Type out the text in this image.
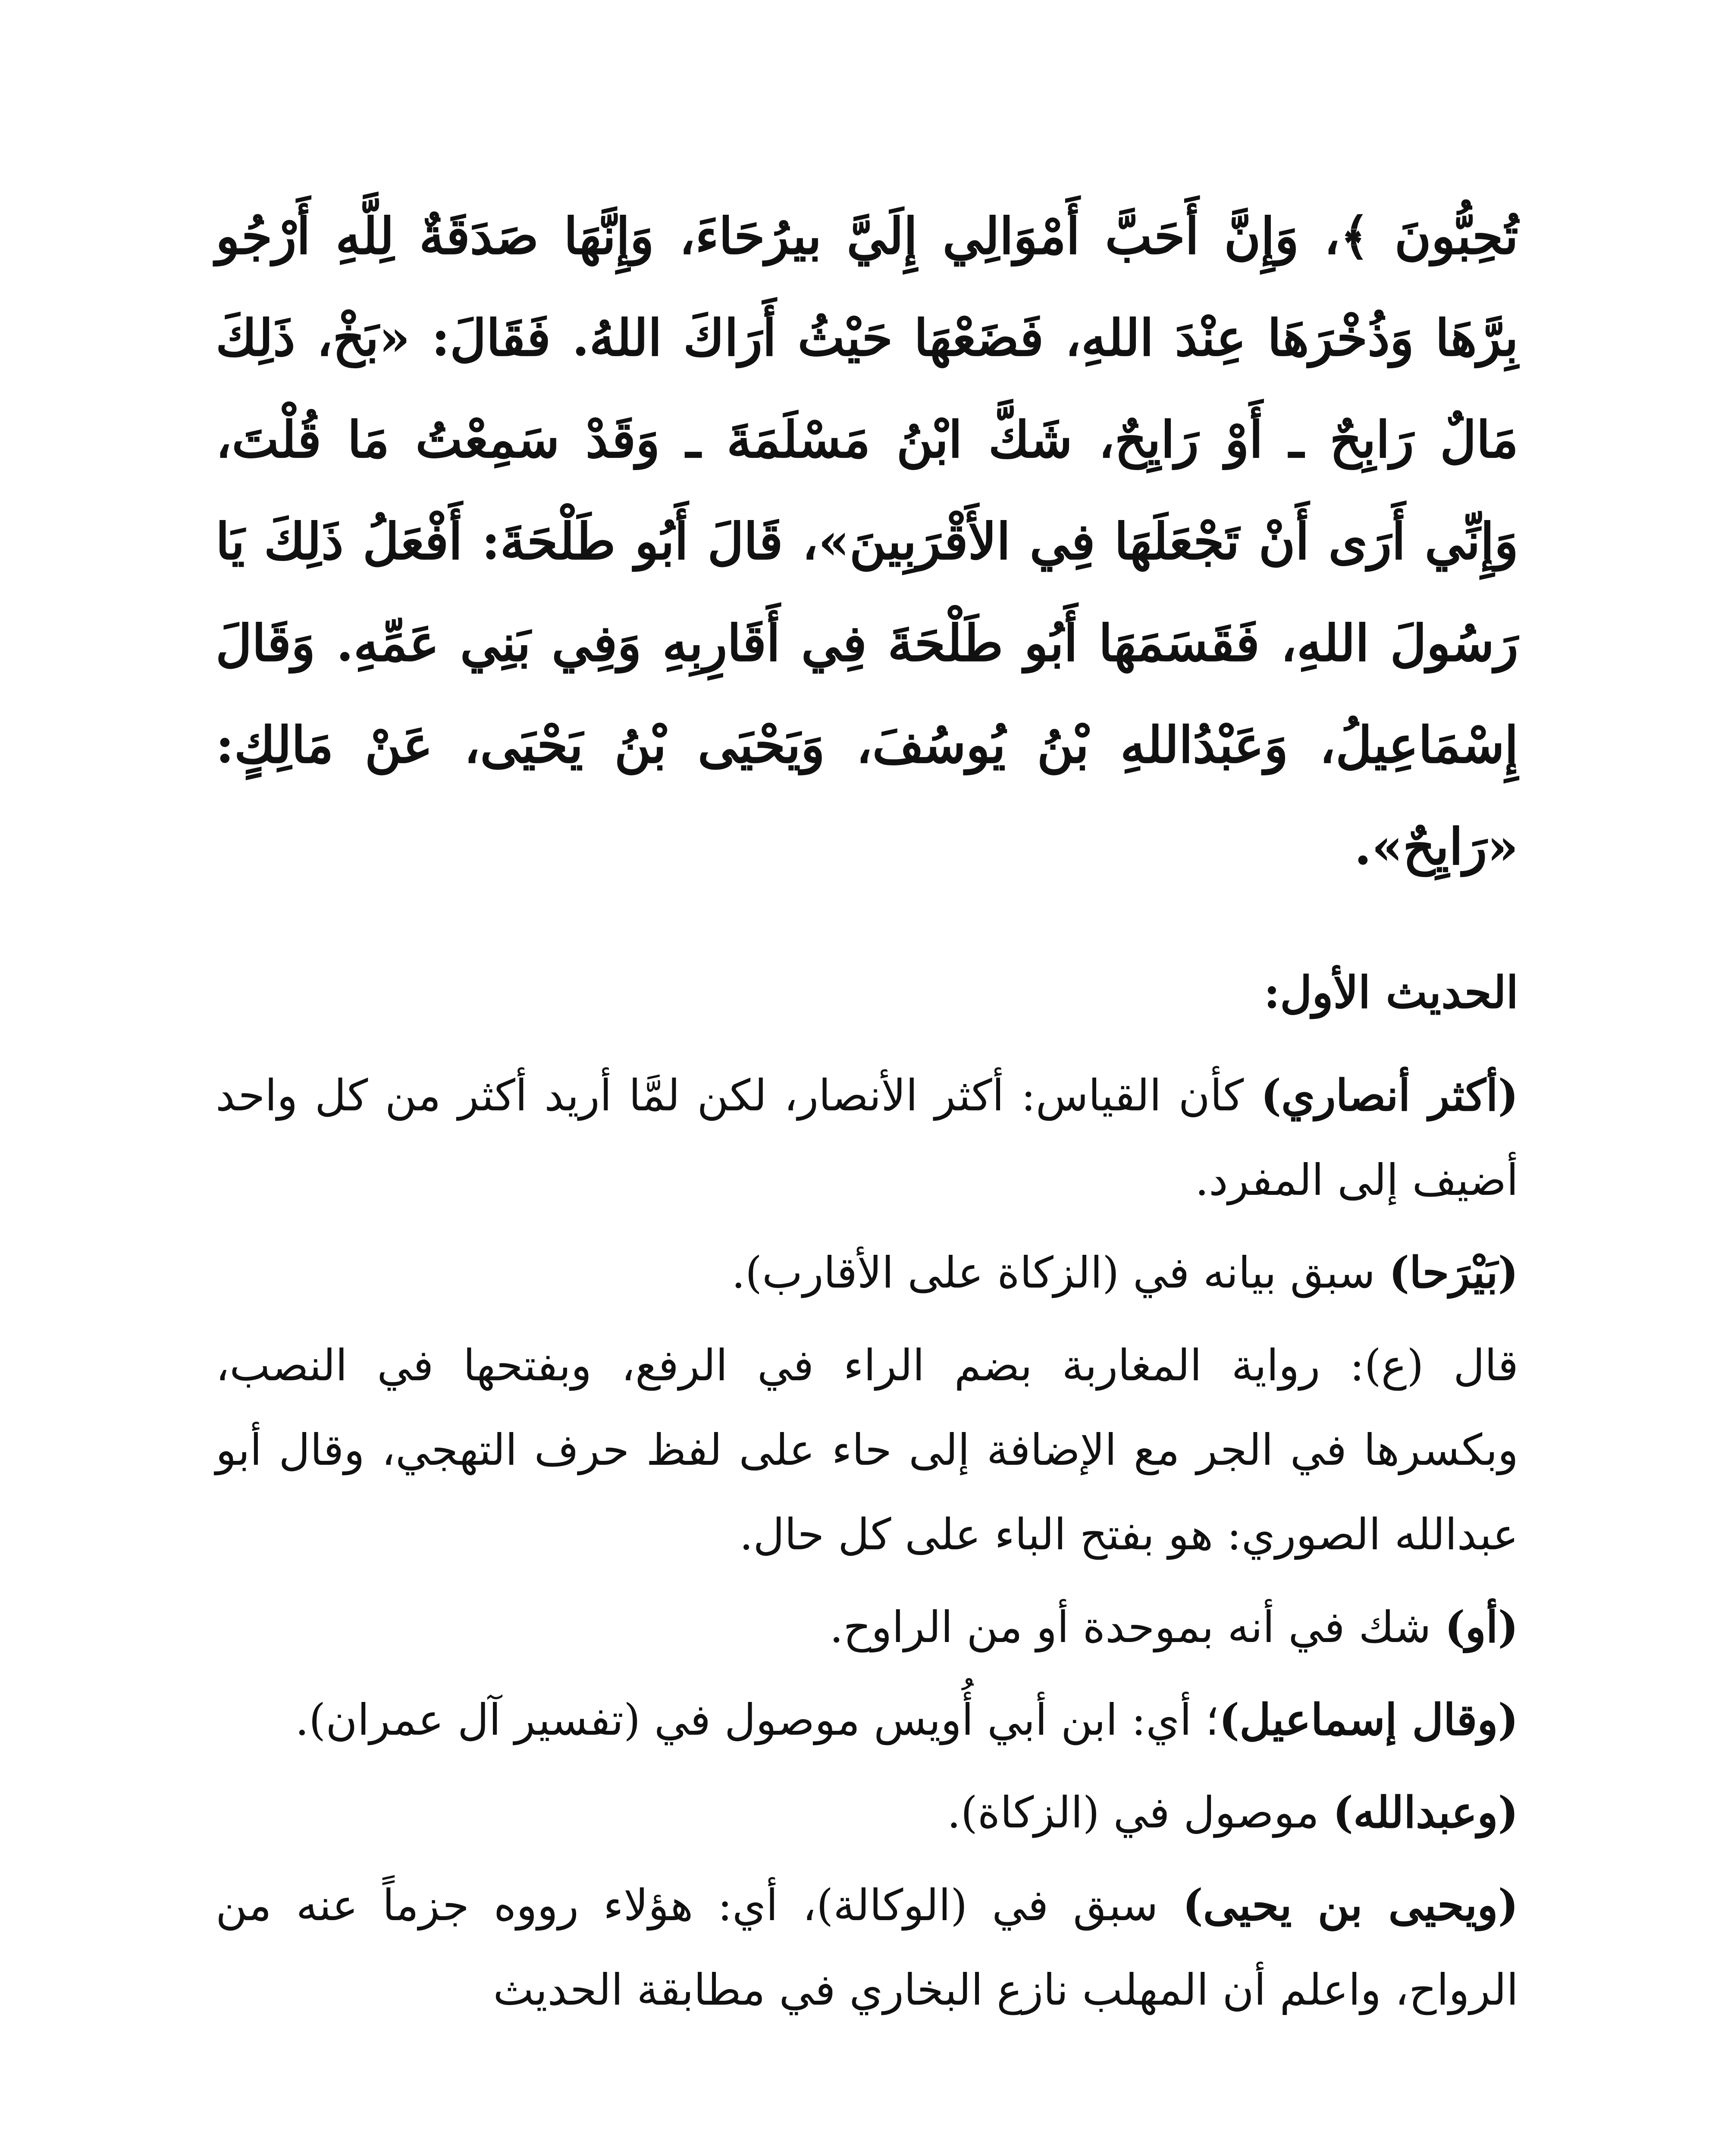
تُحِبُّونَ ﴾، وَإِنَّ أَحَبَّ أَمْوَالِي إِلَيَّ بيرُحَاءَ، وَإِنَّهَا صَدَقَةٌ لِلَّهِ أَرْجُو بِرَّهَا وَذُخْرَهَا عِنْدَ اللهِ، فَضَعْهَا حَيْثُ أَرَاكَ اللهُ. فَقَالَ: «بَخْ، ذَلِكَ مَالٌ رَابِحٌ ـ أَوْ رَايِحٌ، شَكَّ ابْنُ مَسْلَمَةَ ـ وَقَدْ سَمِعْتُ مَا قُلْتَ، وَإِنِّي أَرَى أَنْ تَجْعَلَهَا فِي الأَقْرَبِينَ»، قَالَ أَبُو طَلْحَةَ: أَفْعَلُ ذَلِكَ يَا رَسُولَ اللهِ، فَقَسَمَهَا أَبُو طَلْحَةَ فِي أَقَارِبِهِ وَفِي بَنِي عَمِّهِ. وَقَالَ إِسْمَاعِيلُ، وَعَبْدُاللهِ بْنُ يُوسُفَ، وَيَحْيَى بْنُ يَحْيَى، عَنْ مَالِكٍ: «رَايِحٌ».

الحديث الأول:

(أكثر أنصاري) كأن القياس: أكثر الأنصار، لكن لمَّا أريد أكثر من كل واحد أضيف إلى المفرد.

(بَيْرَحا) سبق بيانه في (الزكاة على الأقارب).

قال (ع): رواية المغاربة بضم الراء في الرفع، وبفتحها في النصب، وبكسرها في الجر مع الإضافة إلى حاء على لفظ حرف التهجي، وقال أبو عبدالله الصوري: هو بفتح الباء على كل حال.

(أو) شك في أنه بموحدة أو من الراوح.

(وقال إسماعيل)؛ أي: ابن أبي أُويس موصول في (تفسير آل عمران).

(وعبدالله) موصول في (الزكاة).

(ويحيى بن يحيى) سبق في (الوكالة)، أي: هؤلاء رووه جزماً عنه من الرواح، واعلم أن المهلب نازع البخاري في مطابقة الحديث
